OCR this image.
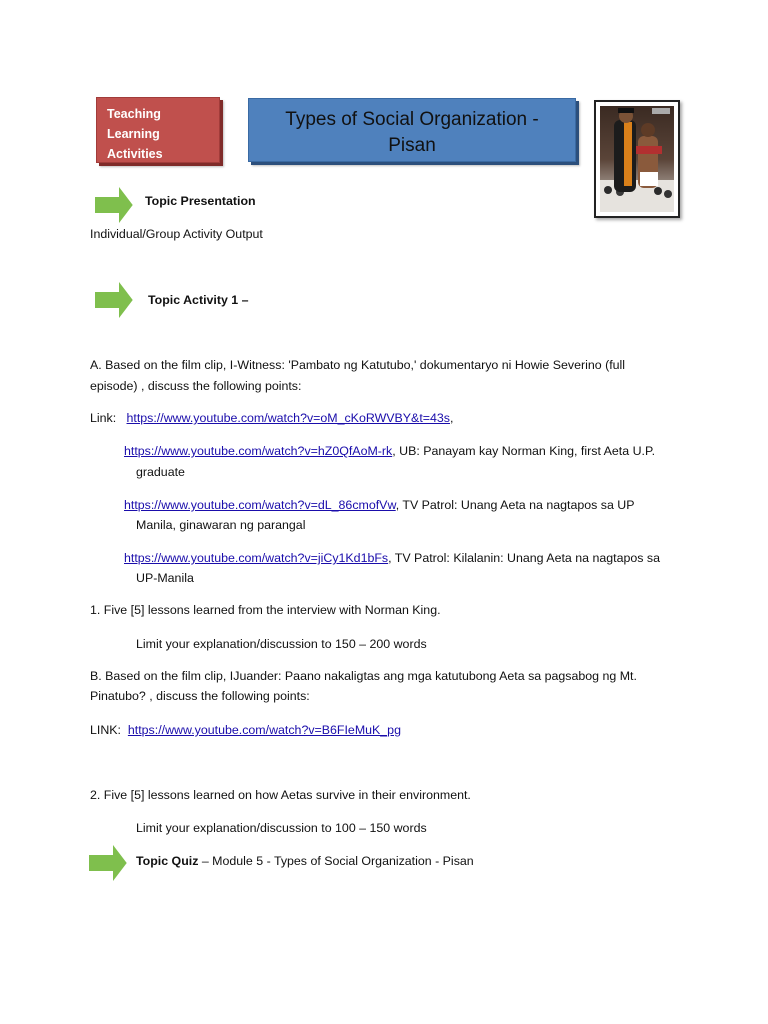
Teaching Learning Activities
Types of Social Organization -
Pisan
Topic Presentation
Individual/Group Activity Output
Topic Activity 1 –
A. Based on the film clip, I-Witness: 'Pambato ng Katutubo,' dokumentaryo ni Howie Severino (full
episode) , discuss the following points:
Link: https://www.youtube.com/watch?v=oM_cKoRWVBY&t=43s,
https://www.youtube.com/watch?v=hZ0QfAoM-rk, UB: Panayam kay Norman King, first Aeta U.P.
graduate
https://www.youtube.com/watch?v=dL_86cmofVw, TV Patrol: Unang Aeta na nagtapos sa UP
Manila, ginawaran ng parangal
https://www.youtube.com/watch?v=jiCy1Kd1bFs, TV Patrol: Kilalanin: Unang Aeta na nagtapos sa
UP-Manila
1. Five [5] lessons learned from the interview with Norman King.
Limit your explanation/discussion to 150 – 200 words
B. Based on the film clip, IJuander: Paano nakaligtas ang mga katutubong Aeta sa pagsabog ng Mt.
Pinatubo? , discuss the following points:
LINK: https://www.youtube.com/watch?v=B6FIeMuK_pg
2. Five [5] lessons learned on how Aetas survive in their environment.
Limit your explanation/discussion to 100 – 150 words
Topic Quiz – Module 5 - Types of Social Organization - Pisan
